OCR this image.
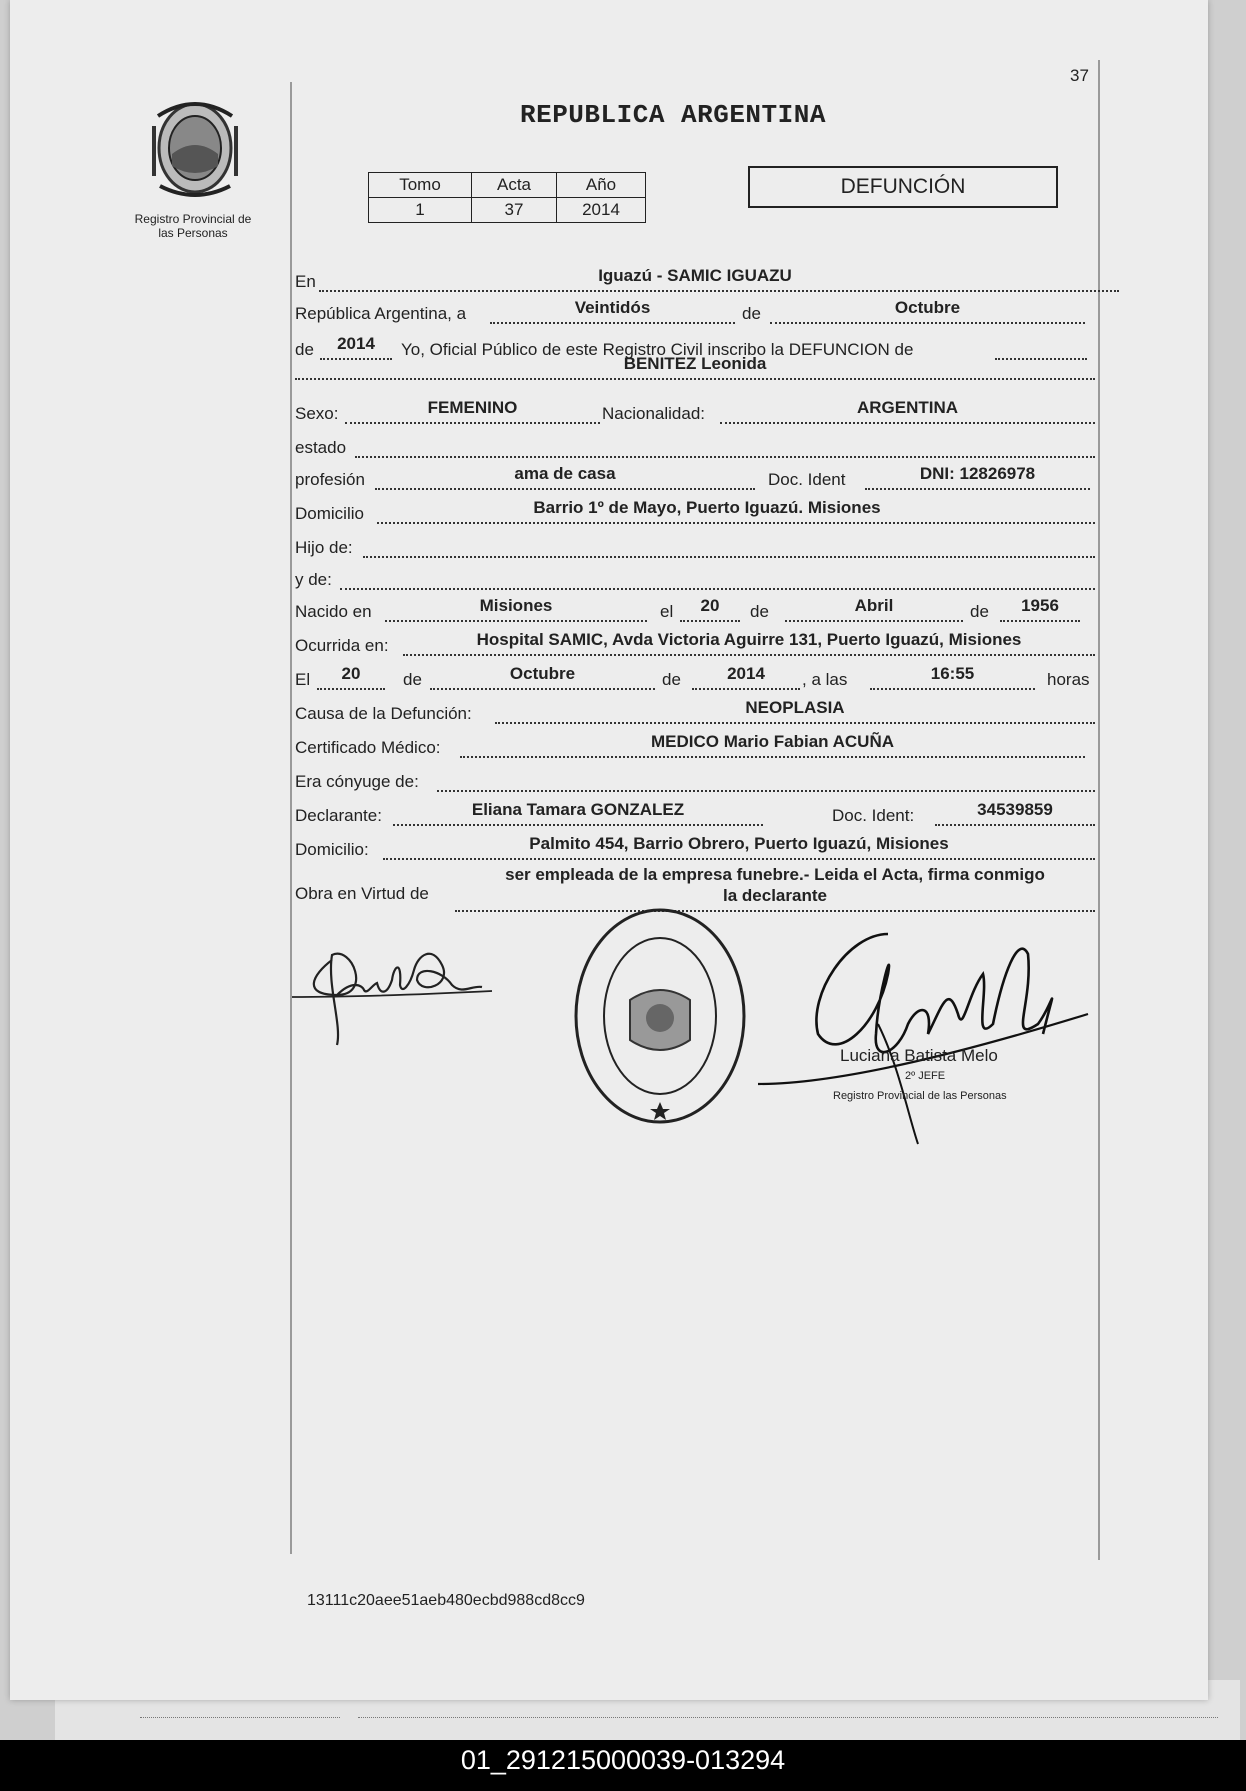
37
Registro Provincial de
las Personas
REPUBLICA ARGENTINA
Tomo	Acta	Año
1	37	2014
DEFUNCIÓN
En	Iguazú - SAMIC IGUAZU
República Argentina, a	Veintidós	de	Octubre
de	2014	Yo, Oficial Público de este Registro Civil inscribo la DEFUNCION de
BENITEZ Leonida
Sexo:	FEMENINO	Nacionalidad:	ARGENTINA
estado
profesión	ama de casa	Doc. Ident	DNI: 12826978
Domicilio	Barrio 1º de Mayo, Puerto Iguazú. Misiones
Hijo de:
y de:
Nacido en	Misiones	el	20	de	Abril	de	1956
Ocurrida en:	Hospital SAMIC, Avda Victoria Aguirre 131, Puerto Iguazú, Misiones
El	20	de	Octubre	de	2014	, a las	16:55	horas
Causa de la Defunción:	NEOPLASIA
Certificado Médico:	MEDICO Mario Fabian ACUÑA
Era cónyuge de:
Declarante:	Eliana Tamara GONZALEZ	Doc. Ident:	34539859
Domicilio:	Palmito 454, Barrio Obrero, Puerto Iguazú, Misiones
Obra en Virtud de
ser empleada de la empresa funebre.- Leida el Acta, firma conmigo
la declarante
Luciana Batista Melo
2º JEFE
Registro Provincial de las Personas
13111c20aee51aeb480ecbd988cd8cc9
01_291215000039-013294
